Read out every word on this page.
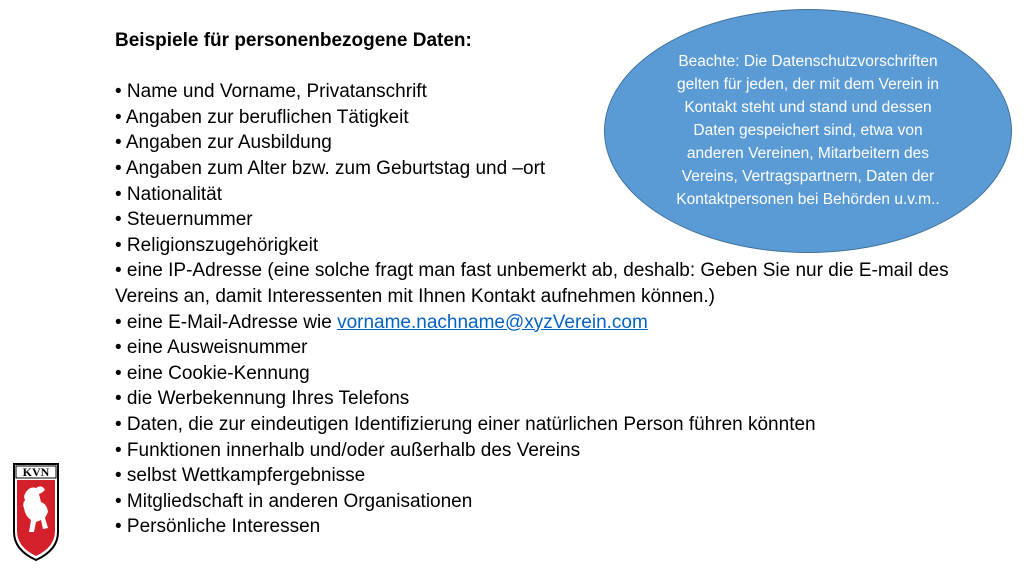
Beispiele für personenbezogene Daten:
• Name und Vorname, Privatanschrift
• Angaben zur beruflichen Tätigkeit
• Angaben zur Ausbildung
• Angaben zum Alter bzw. zum Geburtstag und –ort
• Nationalität
• Steuernummer
• Religionszugehörigkeit
• eine IP-Adresse (eine solche fragt man fast unbemerkt ab, deshalb: Geben Sie nur die E-mail des Vereins an, damit Interessenten mit Ihnen Kontakt aufnehmen können.)
• eine E-Mail-Adresse wie vorname.nachname@xyzVerein.com
• eine Ausweisnummer
• eine Cookie-Kennung
• die Werbekennung Ihres Telefons
• Daten, die zur eindeutigen Identifizierung einer natürlichen Person führen könnten
• Funktionen innerhalb und/oder außerhalb des Vereins
• selbst Wettkampfergebnisse
• Mitgliedschaft in anderen Organisationen
• Persönliche Interessen
Beachte: Die Datenschutzvorschriften gelten für jeden, der mit dem Verein in Kontakt steht und stand und dessen Daten gespeichert sind, etwa von anderen Vereinen, Mitarbeitern des Vereins, Vertragspartnern, Daten der Kontaktpersonen bei Behörden u.v.m..
KVN
